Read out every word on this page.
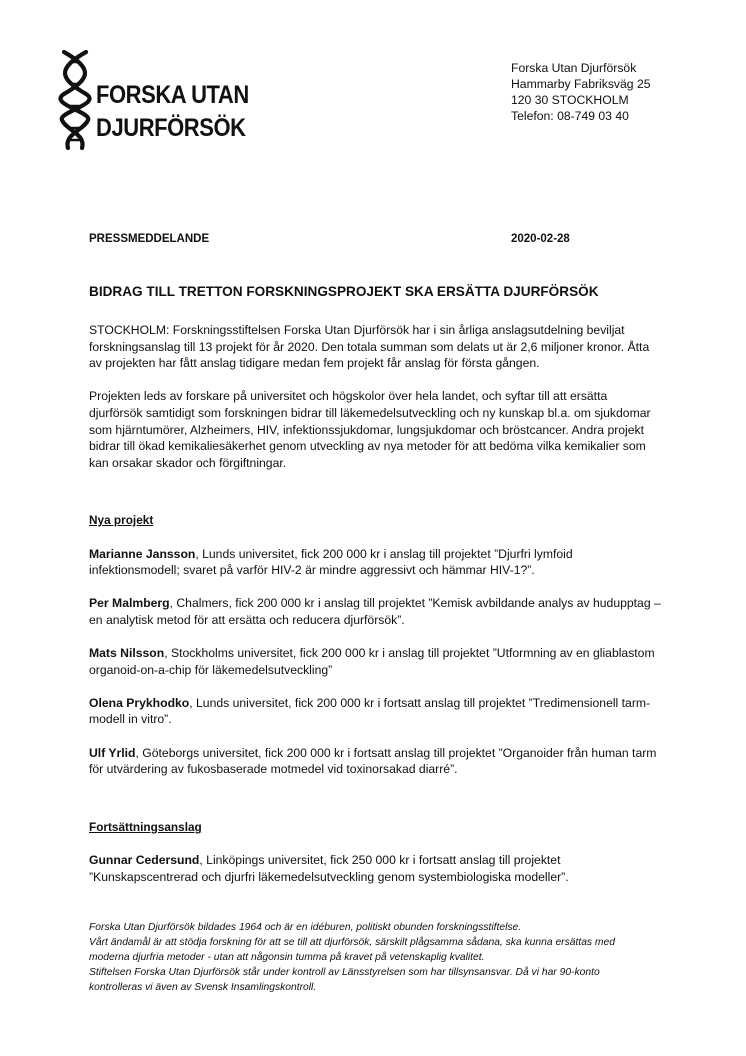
FORSKA UTAN
DJURFÖRSÖK
Forska Utan Djurförsök
Hammarby Fabriksväg 25
120 30 STOCKHOLM
Telefon: 08-749 03 40
PRESSMEDDELANDE	2020-02-28
BIDRAG TILL TRETTON FORSKNINGSPROJEKT SKA ERSÄTTA DJURFÖRSÖK

STOCKHOLM: Forskningsstiftelsen Forska Utan Djurförsök har i sin årliga anslagsutdelning beviljat forskningsanslag till 13 projekt för år 2020. Den totala summan som delats ut är 2,6 miljoner kronor. Åtta av projekten har fått anslag tidigare medan fem projekt får anslag för första gången.

Projekten leds av forskare på universitet och högskolor över hela landet, och syftar till att ersätta djurförsök samtidigt som forskningen bidrar till läkemedelsutveckling och ny kunskap bl.a. om sjukdomar som hjärntumörer, Alzheimers, HIV, infektionssjukdomar, lungsjukdomar och bröstcancer. Andra projekt bidrar till ökad kemikaliesäkerhet genom utveckling av nya metoder för att bedöma vilka kemikalier som kan orsakar skador och förgiftningar.

Nya projekt

Marianne Jansson, Lunds universitet, fick 200 000 kr i anslag till projektet ”Djurfri lymfoid infektionsmodell; svaret på varför HIV-2 är mindre aggressivt och hämmar HIV-1?”.

Per Malmberg, Chalmers, fick 200 000 kr i anslag till projektet ”Kemisk avbildande analys av hudupptag – en analytisk metod för att ersätta och reducera djurförsök”.

Mats Nilsson, Stockholms universitet, fick 200 000 kr i anslag till projektet ”Utformning av en gliablastom organoid-on-a-chip för läkemedelsutveckling”

Olena Prykhodko, Lunds universitet, fick 200 000 kr i fortsatt anslag till projektet ”Tredimensionell tarm-modell in vitro”.

Ulf Yrlid, Göteborgs universitet, fick 200 000 kr i fortsatt anslag till projektet ”Organoider från human tarm för utvärdering av fukosbaserade motmedel vid toxinorsakad diarré”.

Fortsättningsanslag

Gunnar Cedersund, Linköpings universitet, fick 250 000 kr i fortsatt anslag till projektet ”Kunskapscentrerad och djurfri läkemedelsutveckling genom systembiologiska modeller”.

Forska Utan Djurförsök bildades 1964 och är en idéburen, politiskt obunden forskningsstiftelse.

Vårt ändamål är att stödja forskning för att se till att djurförsök, särskilt plågsamma sådana, ska kunna ersättas med moderna djurfria metoder - utan att någonsin tumma på kravet på vetenskaplig kvalitet.

Stiftelsen Forska Utan Djurförsök står under kontroll av Länsstyrelsen som har tillsynsansvar. Då vi har 90-konto kontrolleras vi även av Svensk Insamlingskontroll.
